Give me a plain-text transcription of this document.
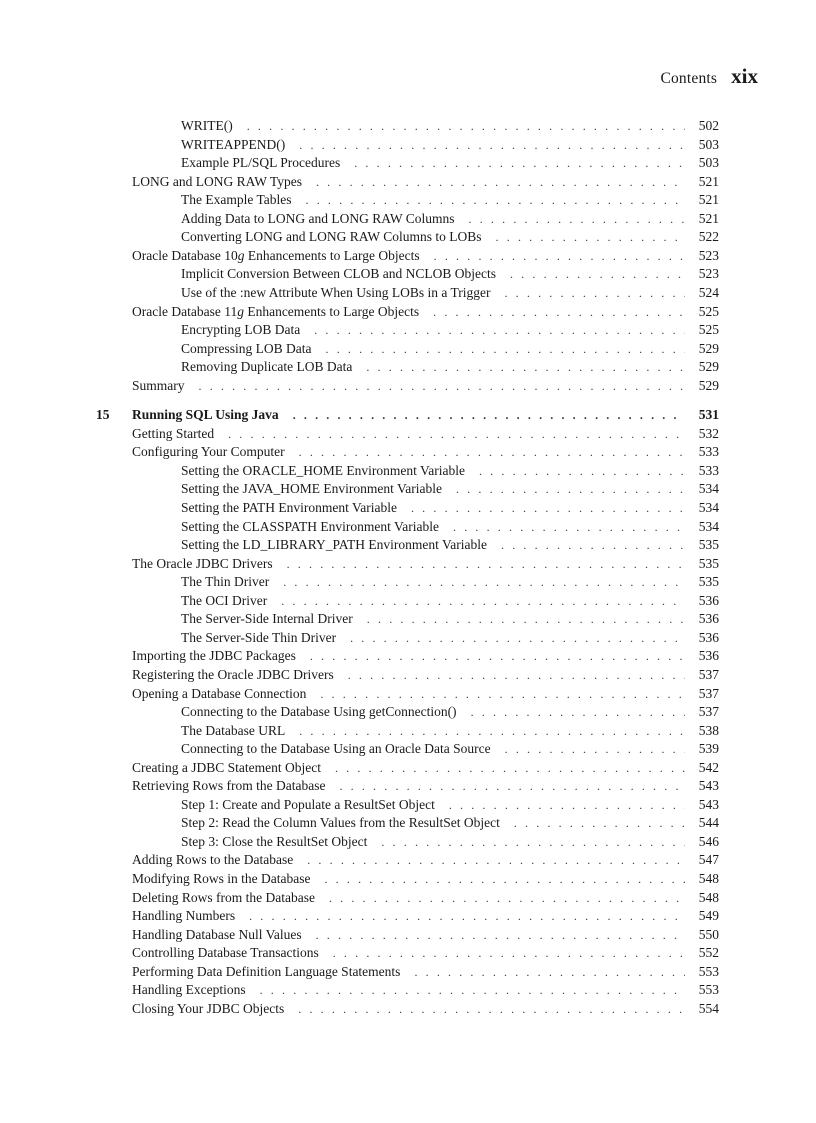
Contents xix
WRITE() . . .	502
WRITEAPPEND() . . .	503
Example PL/SQL Procedures . . .	503
LONG and LONG RAW Types . . .	521
The Example Tables . . .	521
Adding Data to LONG and LONG RAW Columns . . .	521
Converting LONG and LONG RAW Columns to LOBs . . .	522
Oracle Database 10g Enhancements to Large Objects . . .	523
Implicit Conversion Between CLOB and NCLOB Objects . . .	523
Use of the :new Attribute When Using LOBs in a Trigger . . .	524
Oracle Database 11g Enhancements to Large Objects . . .	525
Encrypting LOB Data . . .	525
Compressing LOB Data . . .	529
Removing Duplicate LOB Data . . .	529
Summary . . .	529
15	Running SQL Using Java . . .	531
Getting Started . . .	532
Configuring Your Computer . . .	533
Setting the ORACLE_HOME Environment Variable . . .	533
Setting the JAVA_HOME Environment Variable . . .	534
Setting the PATH Environment Variable . . .	534
Setting the CLASSPATH Environment Variable . . .	534
Setting the LD_LIBRARY_PATH Environment Variable . . .	535
The Oracle JDBC Drivers . . .	535
The Thin Driver . . .	535
The OCI Driver . . .	536
The Server-Side Internal Driver . . .	536
The Server-Side Thin Driver . . .	536
Importing the JDBC Packages . . .	536
Registering the Oracle JDBC Drivers . . .	537
Opening a Database Connection . . .	537
Connecting to the Database Using getConnection() . . .	537
The Database URL . . .	538
Connecting to the Database Using an Oracle Data Source . . .	539
Creating a JDBC Statement Object . . .	542
Retrieving Rows from the Database . . .	543
Step 1: Create and Populate a ResultSet Object . . .	543
Step 2: Read the Column Values from the ResultSet Object . . .	544
Step 3: Close the ResultSet Object . . .	546
Adding Rows to the Database . . .	547
Modifying Rows in the Database . . .	548
Deleting Rows from the Database . . .	548
Handling Numbers . . .	549
Handling Database Null Values . . .	550
Controlling Database Transactions . . .	552
Performing Data Definition Language Statements . . .	553
Handling Exceptions . . .	553
Closing Your JDBC Objects . . .	554
